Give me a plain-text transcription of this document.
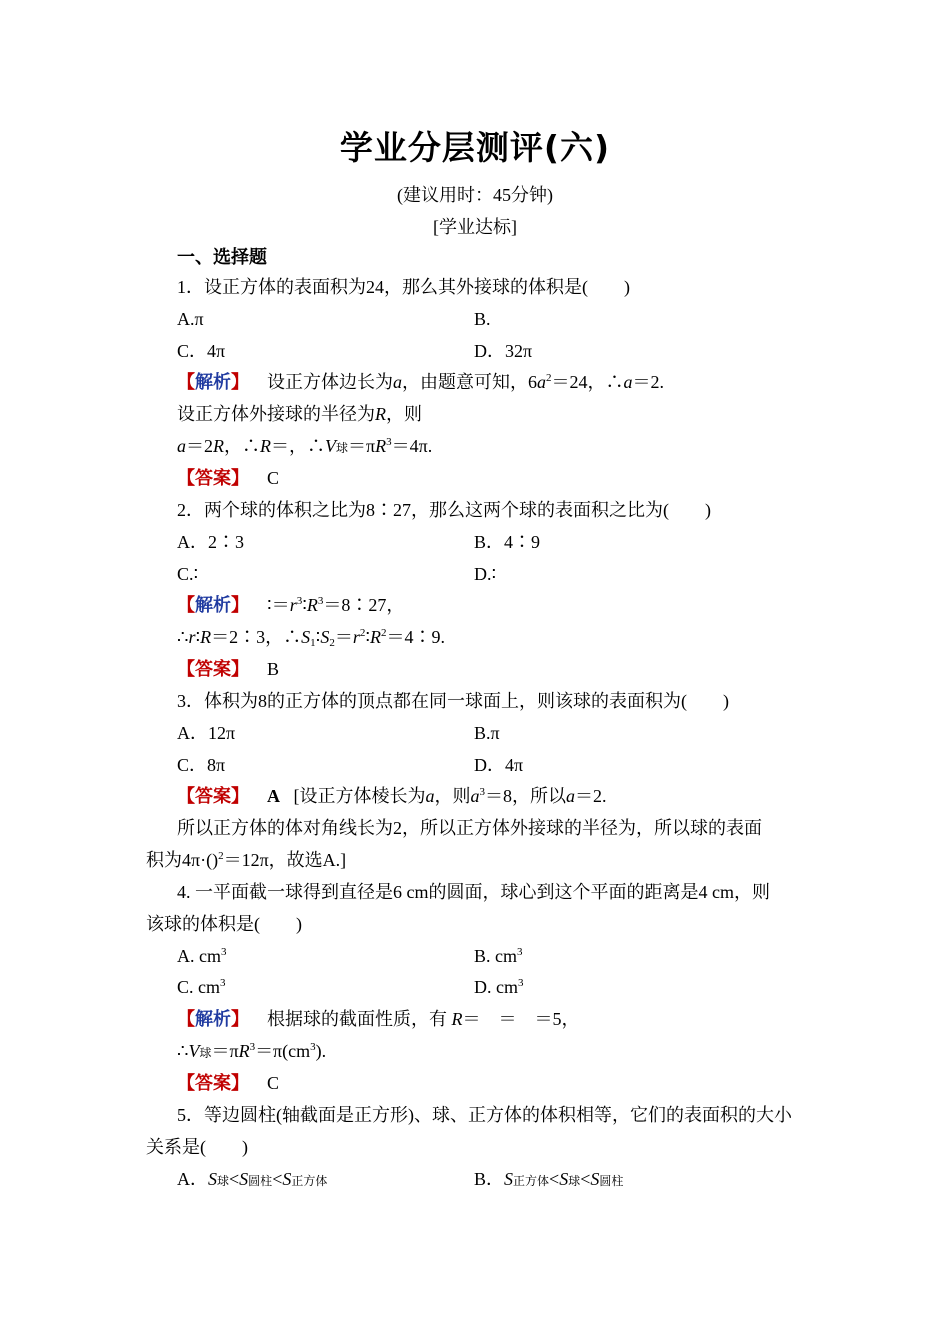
学业分层测评(六)
(建议用时：45分钟)
[学业达标]
一、选择题
1．设正方体的表面积为24，那么其外接球的体积是(　　)
A.π	B.
C．4π	D．32π
【解析】 设正方体边长为a，由题意可知，$6a^2=24$，∴a＝2.
设正方体外接球的半径为R，则
a＝2R，∴R＝，∴V球$=\pi R^3=4\pi$.
【答案】 C
2．两个球的体积之比为8∶27，那么这两个球的表面积之比为(　　)
A．2∶3	B．4∶9
C.∶	D.∶
【解析】 $∶=r^3∶R^3=8∶27$，
∴r∶R＝2∶3，$\therefore S_1∶S_2=r^2∶R^2=4∶9$.
【答案】 B
3．体积为8的正方体的顶点都在同一球面上，则该球的表面积为(　　)
A．12π	B.π
C．8π	D．4π
【答案】 A [设正方体棱长为a，则$a^3=8$，所以a＝2.
所以正方体的体对角线长为2，所以正方体外接球的半径为，所以球的表面
积为4π·()$^2$＝12π，故选A.]
4. 一平面截一球得到直径是6 cm的圆面，球心到这个平面的距离是4 cm，则
该球的体积是(　　)
A. $cm^3$	B. $cm^3$
C. $cm^3$	D. $cm^3$
【解析】 根据球的截面性质，有 R＝　＝　＝5，
∴V球$=\pi R^3=\pi(cm^3)$.
【答案】 C
5．等边圆柱(轴截面是正方形)、球、正方体的体积相等，它们的表面积的大小
关系是(　　)
A．S球<S圆柱<S正方体	B．S正方体<S球<S圆柱
